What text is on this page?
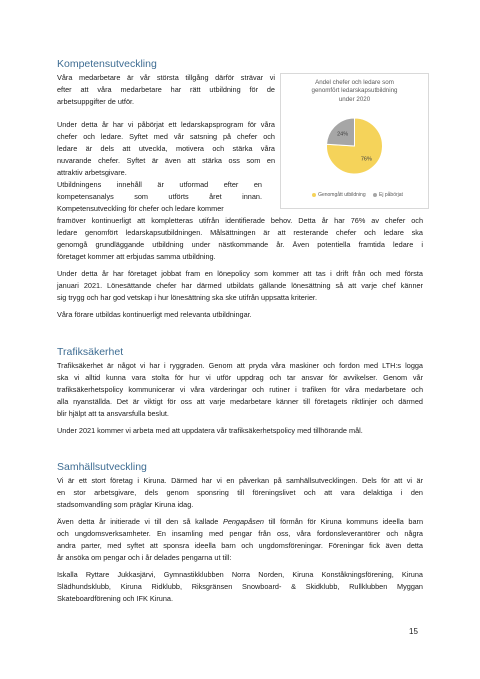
Kompetensutveckling

Våra medarbetare är vår största tillgång därför strävar vi

efter att våra medarbetare har rätt utbildning för de

arbetsuppgifter de utför.

Under detta år har vi påbörjat ett ledarskapsprogram för våra

chefer och ledare. Syftet med vår satsning på chefer och

ledare är dels att utveckla, motivera och stärka våra

nuvarande chefer. Syftet är även att stärka oss som en

attraktiv arbetsgivare.

Utbildningens innehåll är utformad efter en

kompetensanalys som utförts året innan.

Kompetensutveckling för chefer och ledare kommer

framöver kontinuerligt att kompletteras utifrån identifierade behov. Detta år har 76% av chefer och

ledare genomfört ledarskapsutbildningen. Målsättningen är att resterande chefer och ledare ska

genomgå grundläggande utbildning under nästkommande år. Även potentiella framtida ledare i

företaget kommer att erbjudas samma utbildning.

Under detta år har företaget jobbat fram en lönepolicy som kommer att tas i drift från och med första

januari 2021. Lönesättande chefer har därmed utbildats gällande lönesättning så att varje chef känner

sig trygg och har god vetskap i hur lönesättning ska ske utifrån uppsatta kriterier.

Våra förare utbildas kontinuerligt med relevanta utbildningar.

Andel chefer och ledare som
genomfört ledarskapsutbildning
under 2020
76%
24%
Genomgått utbildning	Ej påbörjat
Trafiksäkerhet

Trafiksäkerhet är något vi har i ryggraden. Genom att pryda våra maskiner och fordon med LTH:s logga

ska vi alltid kunna vara stolta för hur vi utför uppdrag och tar ansvar för avvikelser. Genom vår

trafiksäkerhetspolicy kommunicerar vi våra värderingar och rutiner i trafiken för våra medarbetare och

alla nyanställda. Det är viktigt för oss att varje medarbetare känner till företagets riktlinjer och därmed

blir hjälpt att ta ansvarsfulla beslut.

Under 2021 kommer vi arbeta med att uppdatera vår trafiksäkerhetspolicy med tillhörande mål.

Samhällsutveckling

Vi är ett stort företag i Kiruna. Därmed har vi en påverkan på samhällsutvecklingen. Dels för att vi är

en stor arbetsgivare, dels genom sponsring till föreningslivet och att vara delaktiga i den

stadsomvandling som präglar Kiruna idag.

Även detta år initierade vi till den så kallade Pengapåsen till förmån för Kiruna kommuns ideella barn

och ungdomsverksamheter. En insamling med pengar från oss, våra fordonsleverantörer och några

andra parter, med syftet att sponsra ideella barn och ungdomsföreningar. Föreningar fick även detta

år ansöka om pengar och i år delades pengarna ut till:

Iskalla Ryttare Jukkasjärvi, Gymnastikklubben Norra Norden, Kiruna Konståkningsförening, Kiruna

Slädhundsklubb, Kiruna Ridklubb, Riksgränsen Snowboard- & Skidklubb, Rullklubben Myggan

Skateboardförening och IFK Kiruna.

15
